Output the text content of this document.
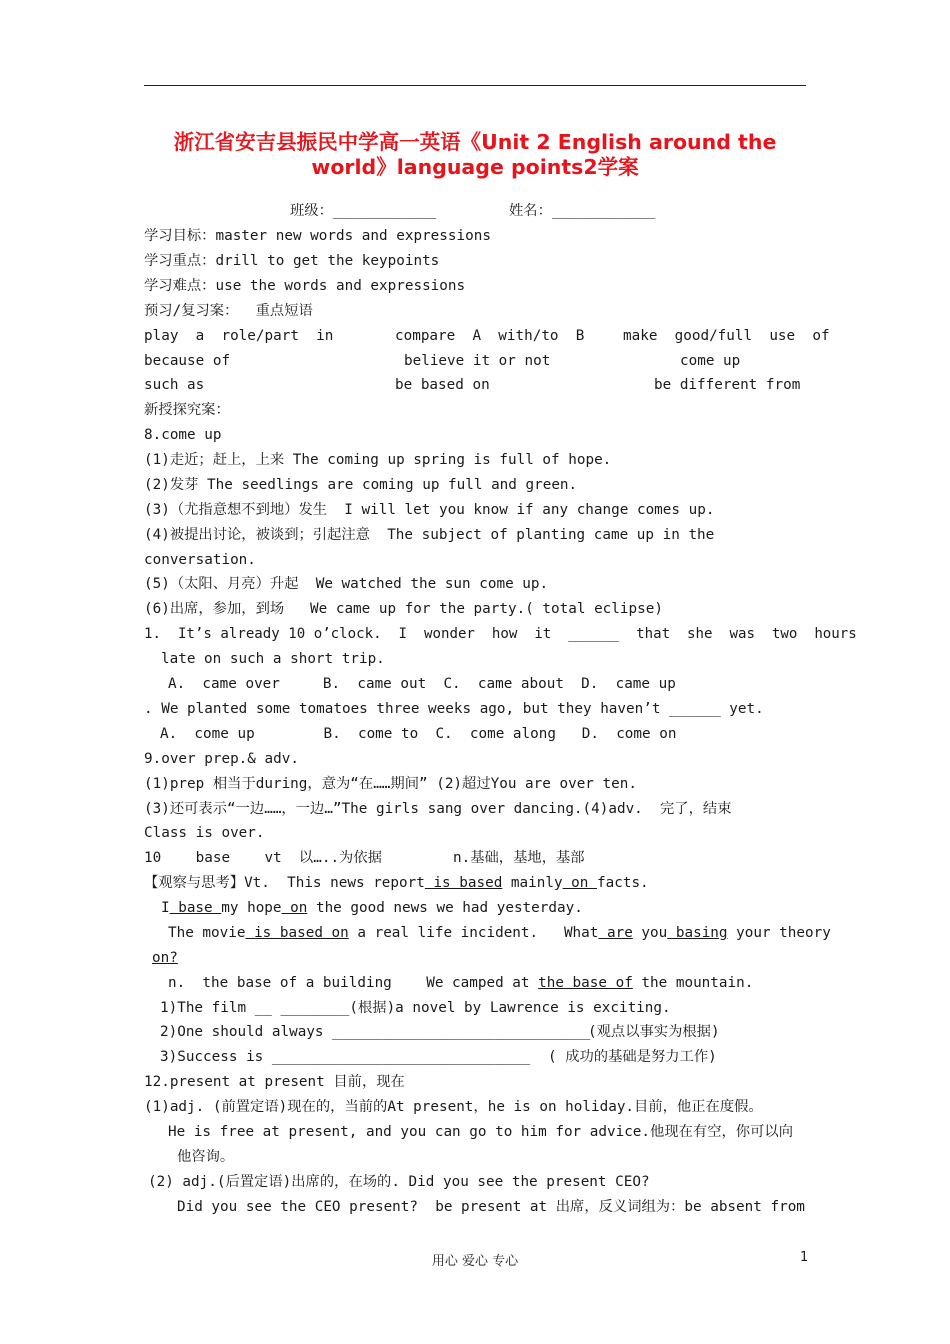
浙江省安吉县振民中学高一英语《Unit 2 English around the
world》language points2学案
班级：____________	姓名：____________
学习目标：master new words and expressions
学习重点：drill to get the keypoints
学习难点：use the words and expressions
预习/复习案：  重点短语
play  a  role/part  in	compare  A  with/to  B	make  good/full  use  of
because of	believe it or not	come up
such as	be based on	be different from
新授探究案：
8.come up
(1)走近；赶上，上来 The coming up spring is full of hope.
(2)发芽 The seedlings are coming up full and green.
(3)（尤指意想不到地）发生  I will let you know if any change comes up.
(4)被提出讨论，被谈到；引起注意  The subject of planting came up in the
conversation.
(5)（太阳、月亮）升起  We watched the sun come up.
(6)出席，参加，到场   We came up for the party.( total eclipse)
1.  It’s already 10 o’clock.  I  wonder  how  it  ______  that  she  was  two  hours
late on such a short trip.
A.  came over     B.  came out  C.  came about  D.  came up
. We planted some tomatoes three weeks ago, but they haven’t ______ yet.
A.  come up        B.  come to  C.  come along   D.  come on
9.over prep.& adv.
(1)prep 相当于during，意为“在……期间” (2)超过You are over ten.
(3)还可表示“一边……，一边…”The girls sang over dancing.(4)adv.  完了，结束
Class is over.
10    base    vt  以…..为依据	n.基础，基地，基部
【观察与思考】Vt.  This news report is based mainly on facts.
I base my hope on the good news we had yesterday.
The movie is based on a real life incident.   What are you basing your theory
on?
n.  the base of a building    We camped at the base of the mountain.
1)The film __ ________(根据)a novel by Lawrence is exciting.
2)One should always ______________________________
(观点以事实为根据)
3)Success is ______________________________ ( 成功的基础是努力工作)
12.present at present 目前，现在
(1)adj. (前置定语)现在的，当前的At present，he is on holiday.目前，他正在度假。
He is free at present, and you can go to him for advice.他现在有空，你可以向
他咨询。
(2) adj.(后置定语)出席的，在场的. Did you see the present CEO?
Did you see the CEO present?  be present at 出席，反义词组为：be absent from
用心 爱心 专心	1
